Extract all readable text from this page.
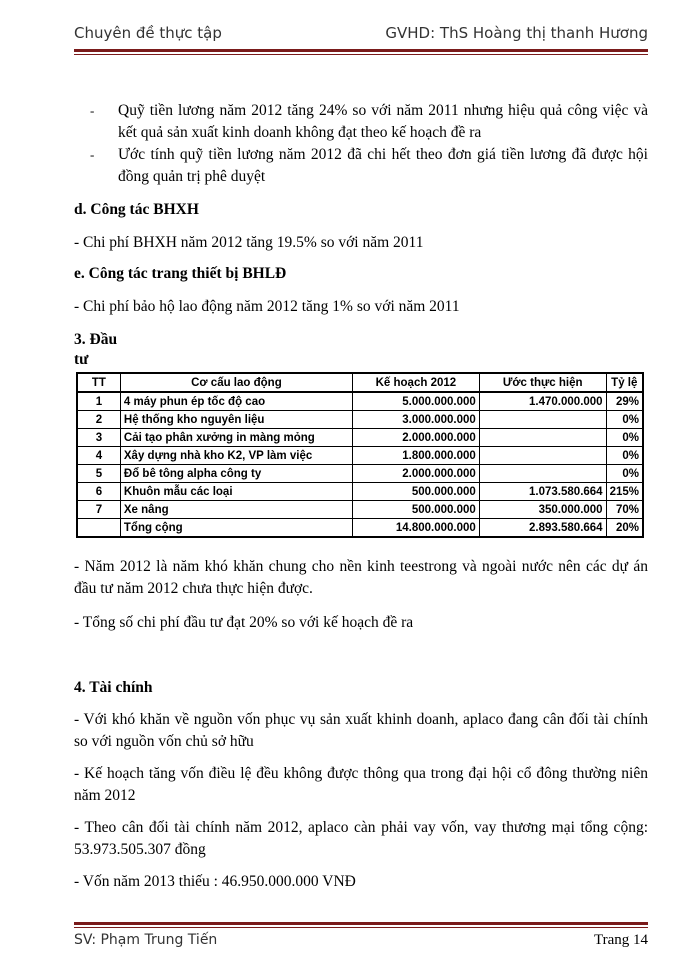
Chuyên đề thực tập	GVHD: ThS Hoàng thị thanh Hương
- Quỹ tiền lương năm 2012 tăng 24% so với năm 2011 nhưng hiệu quả công việc và kết quả sản xuất kinh doanh không đạt theo kế hoạch đề ra
- Ước tính quỹ tiền lương năm 2012 đã chi hết theo đơn giá tiền lương đã được hội đồng quản trị phê duyệt
d. Công tác BHXH
- Chi phí BHXH năm 2012 tăng 19.5% so với năm 2011
e. Công tác trang thiết bị BHLĐ
- Chi phí bảo hộ lao động năm 2012 tăng 1% so với năm 2011
3. Đầu tư
TT	Cơ cấu lao động	Kế hoạch 2012	Ước thực hiện	Tỷ lệ
1	4 máy phun ép tốc độ cao	5.000.000.000	1.470.000.000	29%
2	Hệ thống kho nguyên liệu	3.000.000.000		0%
3	Cải tạo phân xưởng in màng mỏng	2.000.000.000		0%
4	Xây dựng nhà kho K2, VP làm việc	1.800.000.000		0%
5	Đổ bê tông alpha công ty	2.000.000.000		0%
6	Khuôn mẫu các loại	500.000.000	1.073.580.664	215%
7	Xe nâng	500.000.000	350.000.000	70%
	Tổng cộng	14.800.000.000	2.893.580.664	20%
- Năm 2012 là năm khó khăn chung cho nền kinh teestrong và ngoài nước nên các dự án đầu tư năm 2012 chưa thực hiện được.
- Tổng số chi phí đầu tư đạt 20% so với kế hoạch đề ra
4. Tài chính
- Với khó khăn về nguồn vốn phục vụ sản xuất khinh doanh, aplaco đang cân đối tài chính so với nguồn vốn chủ sở hữu
- Kế hoạch tăng vốn điều lệ đều không được thông qua trong đại hội cổ đông thường niên năm 2012
- Theo cân đối tài chính năm 2012, aplaco càn phải vay vốn, vay thương mại tổng cộng: 53.973.505.307 đồng
- Vốn năm 2013 thiếu : 46.950.000.000 VNĐ
SV: Phạm Trung Tiến	Trang 14
